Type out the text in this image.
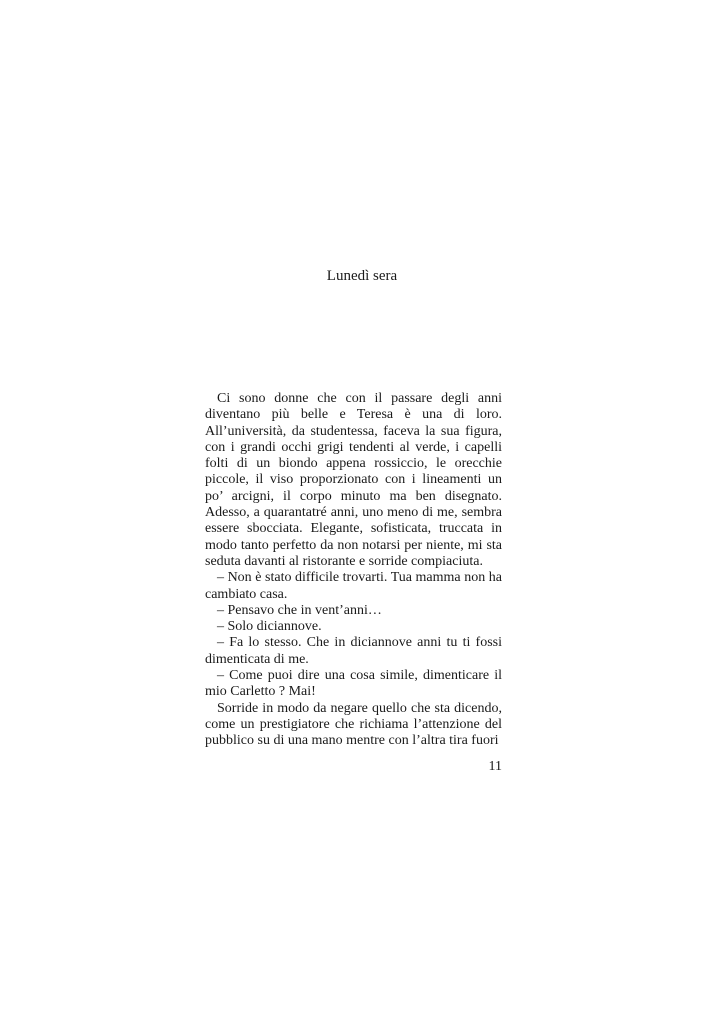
Lunedì sera

Ci sono donne che con il passare degli anni diventano più belle e Teresa è una di loro. All’università, da studentessa, faceva la sua figura, con i grandi occhi grigi tendenti al verde, i capelli folti di un biondo appena rossiccio, le orecchie piccole, il viso proporzionato con i lineamenti un po’ arcigni, il corpo minuto ma ben disegnato. Adesso, a quarantatré anni, uno meno di me, sembra essere sbocciata. Elegante, sofisticata, truccata in modo tanto perfetto da non notarsi per niente, mi sta seduta davanti al ristorante e sorride compiaciuta.

– Non è stato difficile trovarti. Tua mamma non ha cambiato casa.

– Pensavo che in vent’anni…

– Solo diciannove.

– Fa lo stesso. Che in diciannove anni tu ti fossi dimenticata di me.

– Come puoi dire una cosa simile, dimenticare il mio Carletto ? Mai!

Sorride in modo da negare quello che sta dicendo, come un prestigiatore che richiama l’attenzione del pubblico su di una mano mentre con l’altra tira fuori

11
